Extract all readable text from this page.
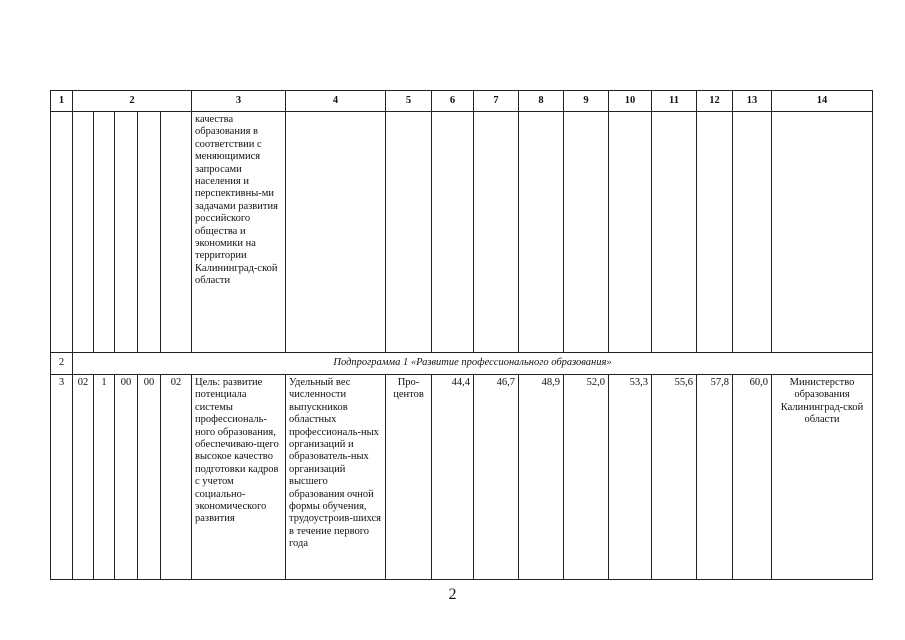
1	2					3	4	5	6	7	8	9	10	11	12	13	14
						качества образования в соответствии с меняющимися запросами населения и перспективны-ми задачами развития российского общества и экономики на территории Калининград-ской области											
2	Подпрограмма 1 «Развитие профессионального образования»																
3	02	1	00	00	02	Цель: развитие потенциала системы профессиональ-ного образования, обеспечиваю-щего высокое качество подготовки кадров с учетом социально-экономического развития	Удельный вес численности выпускников областных профессиональ-ных организаций и образователь-ных организаций высшего образования очной формы обучения, трудоустроив-шихся в течение первого года	Про-центов	44,4	46,7	48,9	52,0	53,3	55,6	57,8	60,0	Министерство образования Калининград-ской области
2
